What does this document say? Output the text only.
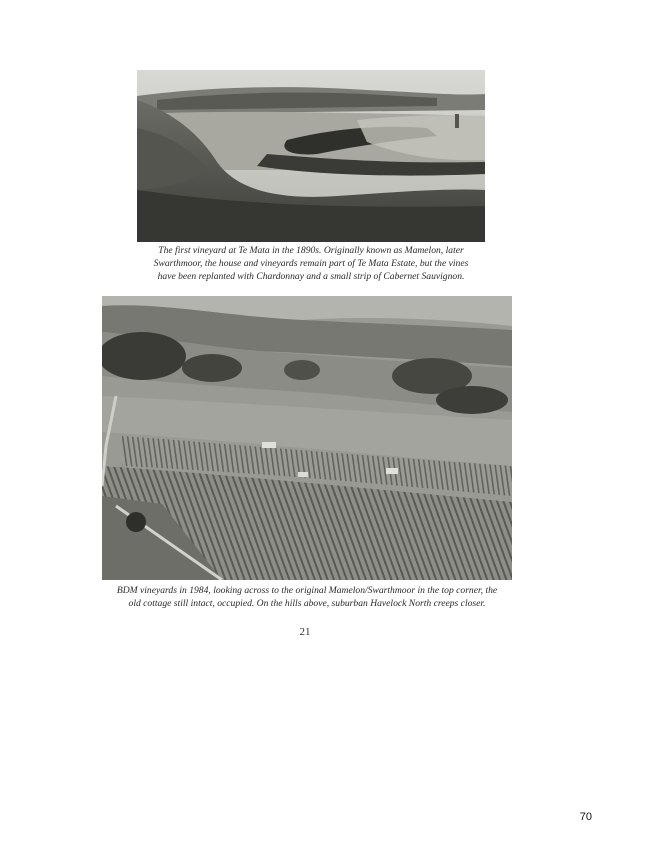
The first vineyard at Te Mata in the 1890s. Originally known as Mamelon, later
Swarthmoor, the house and vineyards remain part of Te Mata Estate, but the vines
have been replanted with Chardonnay and a small strip of Cabernet Sauvignon.
BDM vineyards in 1984, looking across to the original Mamelon/Swarthmoor in the top corner, the
old cottage still intact, occupied. On the hills above, suburban Havelock North creeps closer.
21
70
